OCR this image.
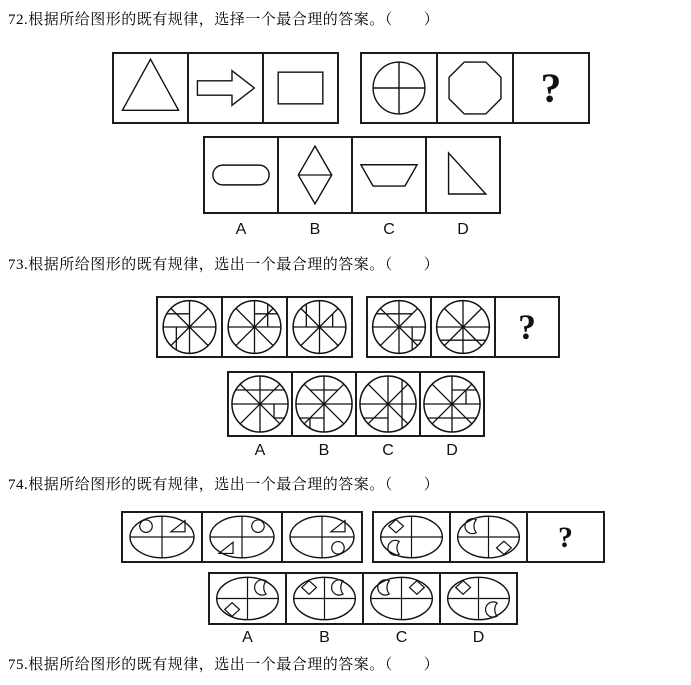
72.根据所给图形的既有规律，选择一个最合理的答案。（　　）

73.根据所给图形的既有规律，选出一个最合理的答案。（　　）

74.根据所给图形的既有规律，选出一个最合理的答案。（　　）

75.根据所给图形的既有规律，选出一个最合理的答案。（　　）

?
A	B	C	D
?
A	B	C	D
?
A	B	C	D
